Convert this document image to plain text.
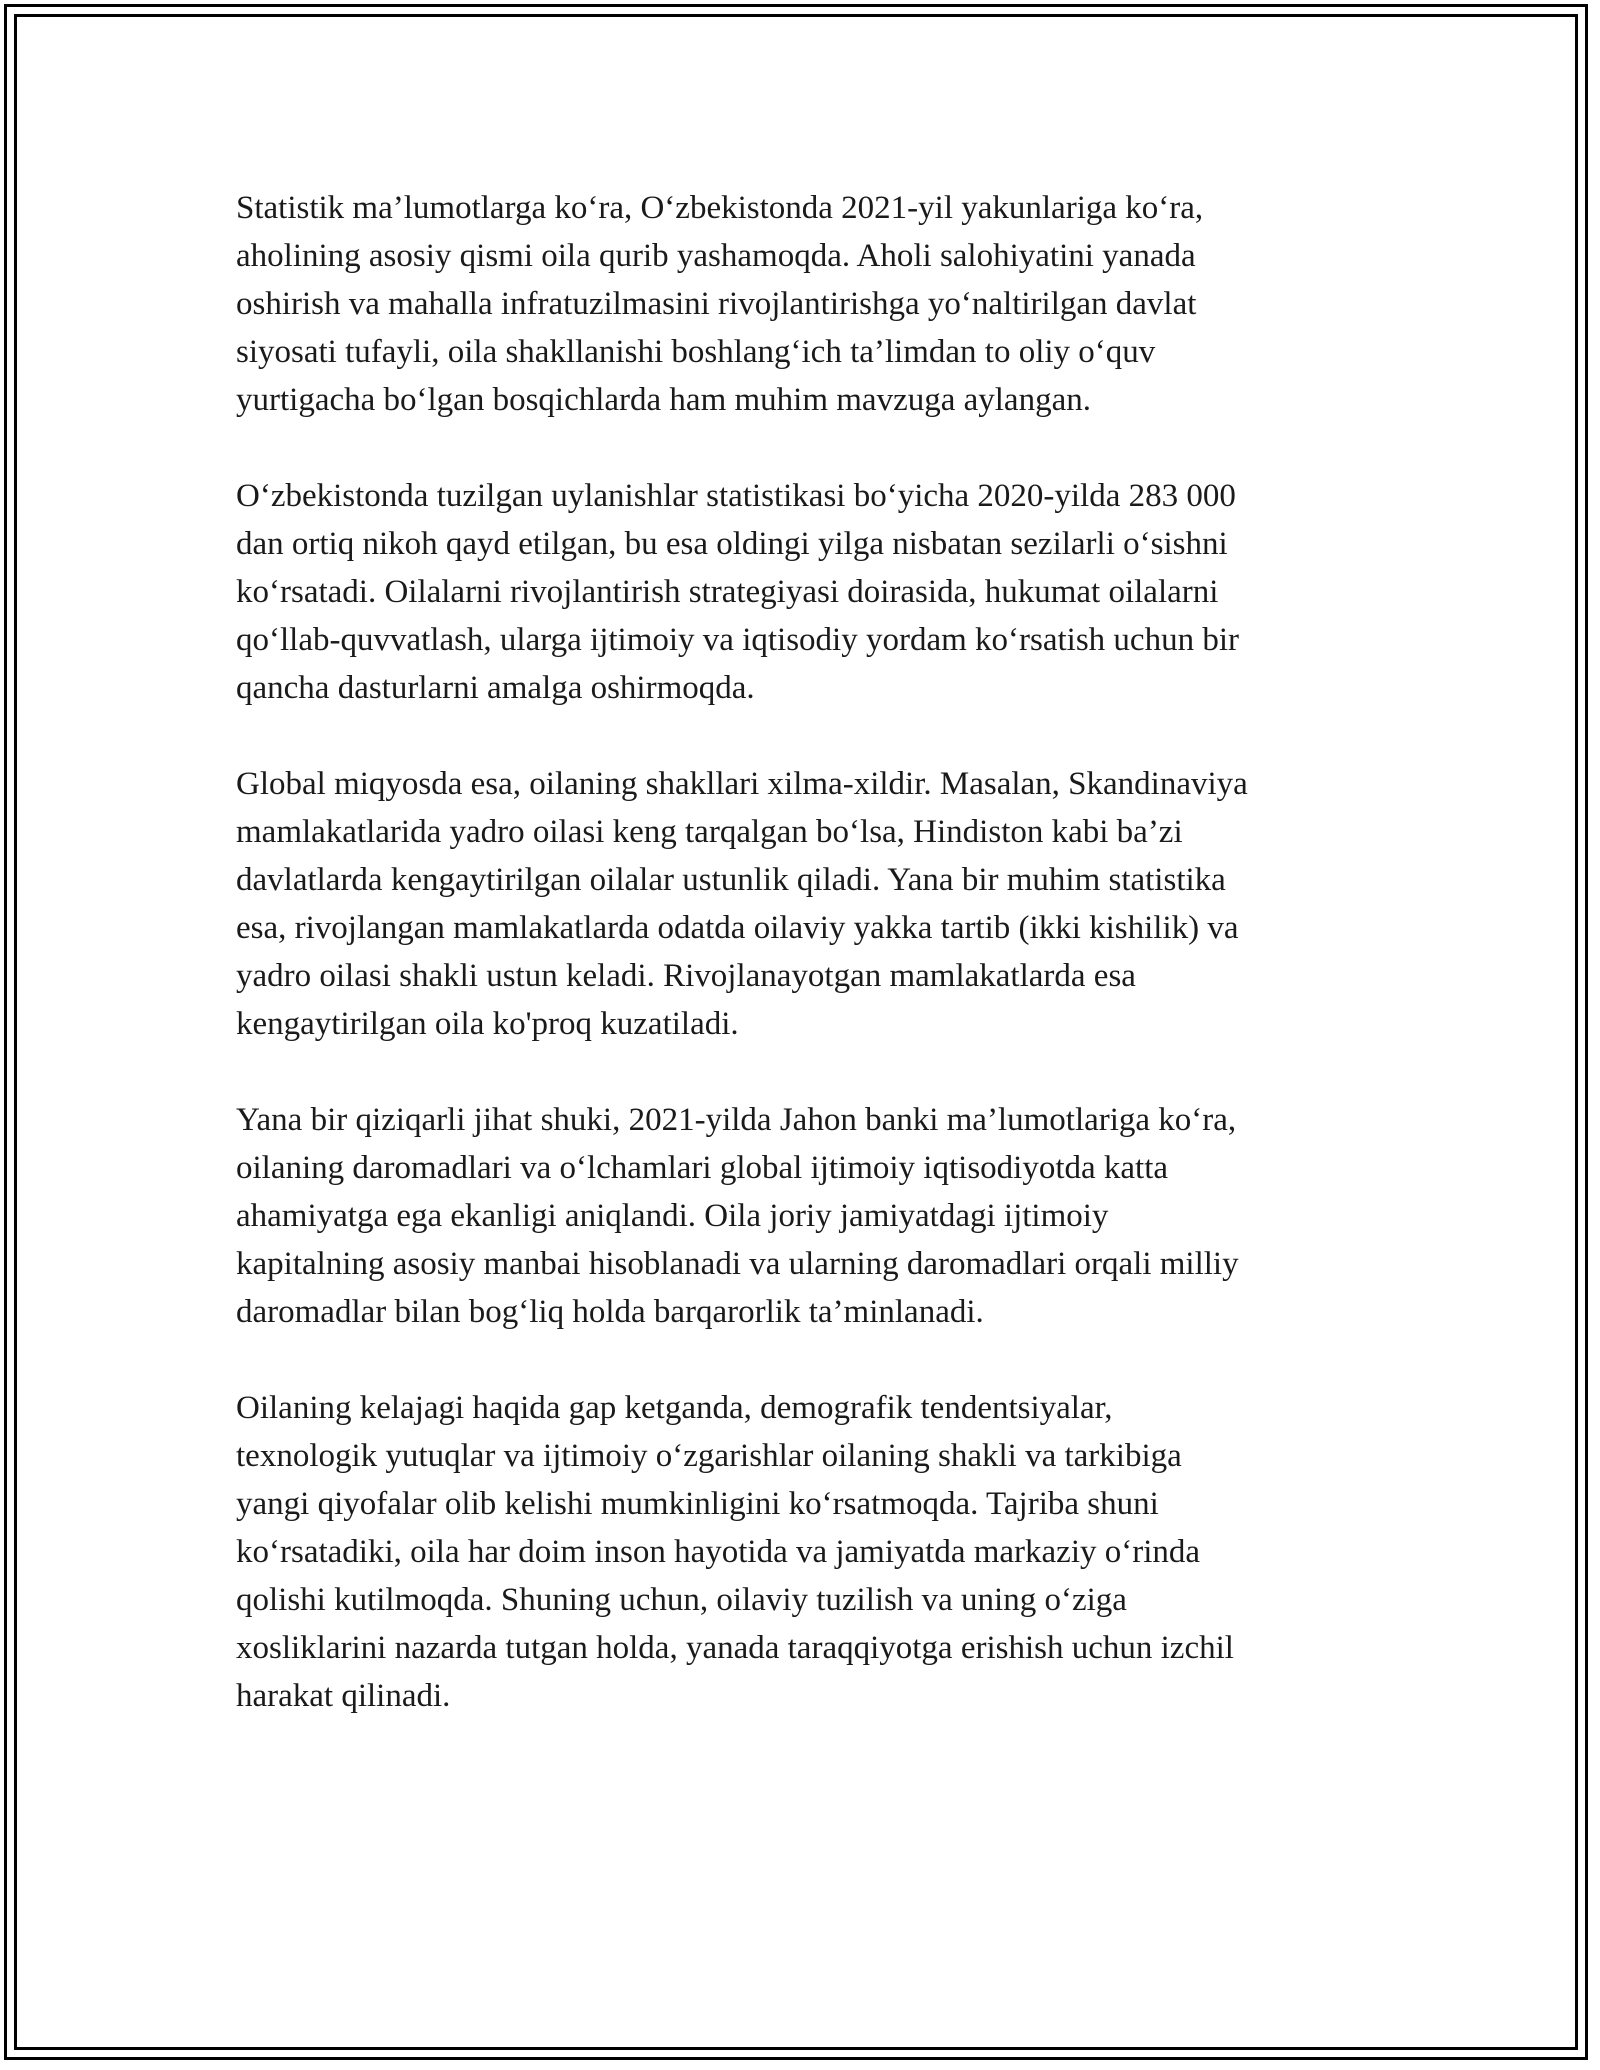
Statistik ma’lumotlarga ko‘ra, O‘zbekistonda 2021-yil yakunlariga ko‘ra,
aholining asosiy qismi oila qurib yashamoqda. Aholi salohiyatini yanada
oshirish va mahalla infratuzilmasini rivojlantirishga yo‘naltirilgan davlat
siyosati tufayli, oila shakllanishi boshlang‘ich ta’limdan to oliy o‘quv
yurtigacha bo‘lgan bosqichlarda ham muhim mavzuga aylangan.

O‘zbekistonda tuzilgan uylanishlar statistikasi bo‘yicha 2020-yilda 283 000
dan ortiq nikoh qayd etilgan, bu esa oldingi yilga nisbatan sezilarli o‘sishni
ko‘rsatadi. Oilalarni rivojlantirish strategiyasi doirasida, hukumat oilalarni
qo‘llab-quvvatlash, ularga ijtimoiy va iqtisodiy yordam ko‘rsatish uchun bir
qancha dasturlarni amalga oshirmoqda.

Global miqyosda esa, oilaning shakllari xilma-xildir. Masalan, Skandinaviya
mamlakatlarida yadro oilasi keng tarqalgan bo‘lsa, Hindiston kabi ba’zi
davlatlarda kengaytirilgan oilalar ustunlik qiladi. Yana bir muhim statistika
esa, rivojlangan mamlakatlarda odatda oilaviy yakka tartib (ikki kishilik) va
yadro oilasi shakli ustun keladi. Rivojlanayotgan mamlakatlarda esa
kengaytirilgan oila ko'proq kuzatiladi.

Yana bir qiziqarli jihat shuki, 2021-yilda Jahon banki ma’lumotlariga ko‘ra,
oilaning daromadlari va o‘lchamlari global ijtimoiy iqtisodiyotda katta
ahamiyatga ega ekanligi aniqlandi. Oila joriy jamiyatdagi ijtimoiy
kapitalning asosiy manbai hisoblanadi va ularning daromadlari orqali milliy
daromadlar bilan bog‘liq holda barqarorlik ta’minlanadi.

Oilaning kelajagi haqida gap ketganda, demografik tendentsiyalar,
texnologik yutuqlar va ijtimoiy o‘zgarishlar oilaning shakli va tarkibiga
yangi qiyofalar olib kelishi mumkinligini ko‘rsatmoqda. Tajriba shuni
ko‘rsatadiki, oila har doim inson hayotida va jamiyatda markaziy o‘rinda
qolishi kutilmoqda. Shuning uchun, oilaviy tuzilish va uning o‘ziga
xosliklarini nazarda tutgan holda, yanada taraqqiyotga erishish uchun izchil
harakat qilinadi.
